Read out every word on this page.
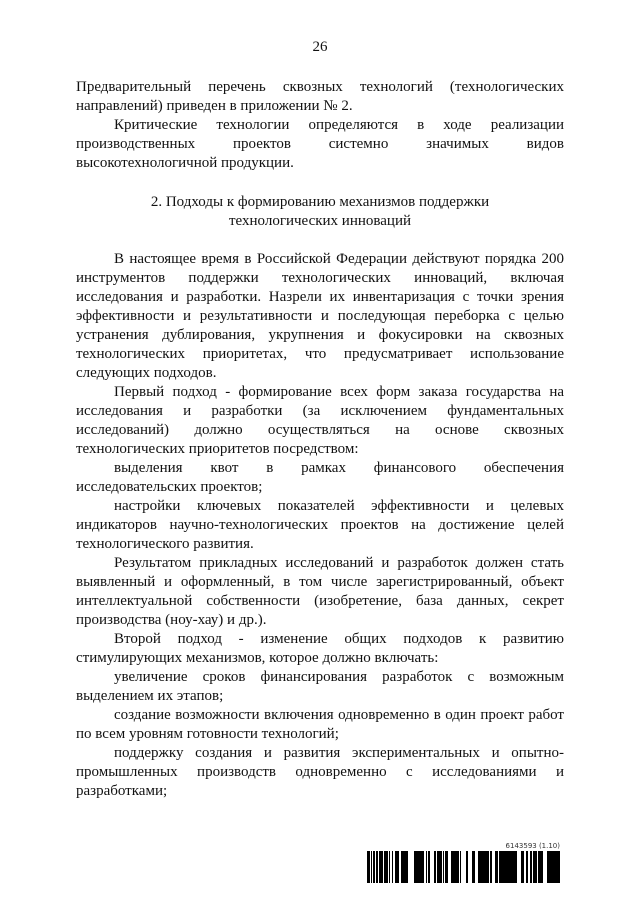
26

Предварительный перечень сквозных технологий (технологических направлений) приведен в приложении № 2.

Критические технологии определяются в ходе реализации производственных проектов системно значимых видов высокотехнологичной продукции.

2. Подходы к формированию механизмов поддержки
технологических инноваций

В настоящее время в Российской Федерации действуют порядка 200 инструментов поддержки технологических инноваций, включая исследования и разработки. Назрели их инвентаризация с точки зрения эффективности и результативности и последующая переборка с целью устранения дублирования, укрупнения и фокусировки на сквозных технологических приоритетах, что предусматривает использование следующих подходов.

Первый подход - формирование всех форм заказа государства на исследования и разработки (за исключением фундаментальных исследований) должно осуществляться на основе сквозных технологических приоритетов посредством:

выделения квот в рамках финансового обеспечения исследовательских проектов;

настройки ключевых показателей эффективности и целевых индикаторов научно-технологических проектов на достижение целей технологического развития.

Результатом прикладных исследований и разработок должен стать выявленный и оформленный, в том числе зарегистрированный, объект интеллектуальной собственности (изобретение, база данных, секрет производства (ноу-хау) и др.).

Второй подход - изменение общих подходов к развитию стимулирующих механизмов, которое должно включать:

увеличение сроков финансирования разработок с возможным выделением их этапов;

создание возможности включения одновременно в один проект работ по всем уровням готовности технологий;

поддержку создания и развития экспериментальных и опытно-промышленных производств одновременно с исследованиями и разработками;

6143593 (1.10)
